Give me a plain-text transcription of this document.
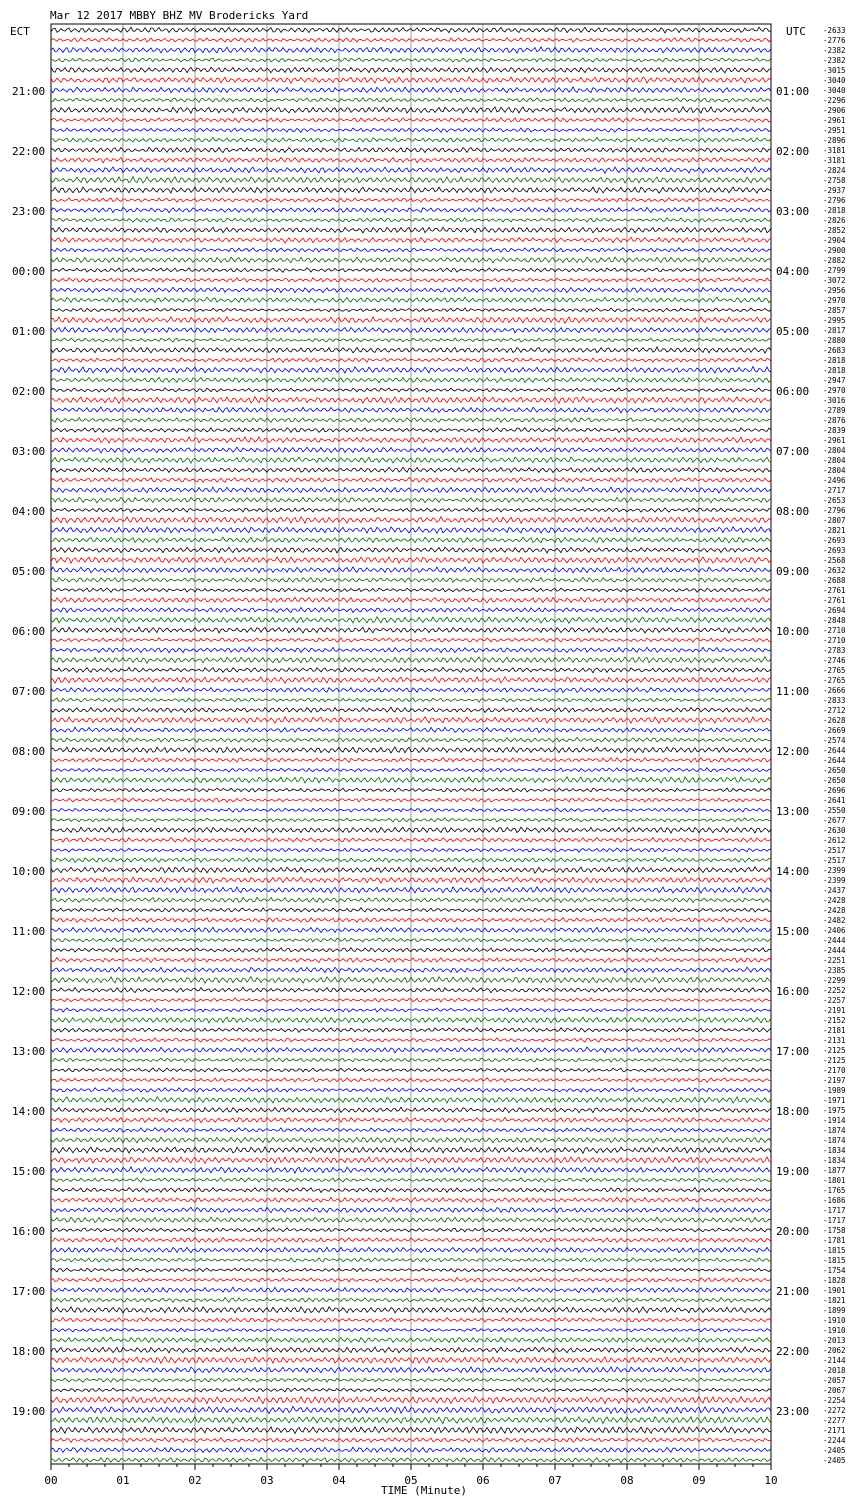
Mar 12 2017 MBBY BHZ MV Brodericks Yard
ECT	UTC -2633
-2776
-2382
-2382
-3015
-3040
-3040
-2296
-2906
-2961
-2951
-2896
-3181
-3181
-2824
-2758
-2937
-2796
-2818
-2826
-2852
-2904
-2900
-2882
-2799
-3072
-2956
-2970
-2857
-2995
-2817
-2880
-2683
-2818
-2818
-2947
-2970
-3016
-2789
-2876
-2839
-2961
-2804
-2804
-2804
-2496
-2717
-2653
-2796
-2807
-2821
-2693
-2693
-2568
-2632
-2688
-2761
-2761
-2694
-2848
-2710
-2710
-2783
-2746
-2765
-2765
-2666
-2833
-2712
-2628
-2669
-2574
-2644
-2644
-2650
-2650
-2696
-2641
-2550
-2677
-2630
-2612
-2517
-2517
-2399
-2399
-2437
-2428
-2428
-2482
-2406
-2444
-2444
-2251
-2385
-2299
-2252
-2257
-2191
-2152
-2181
-2131
-2125
-2125
-2170
-2197
-1989
-1971
-1975
-1914
-1874
-1874
-1834
-1834
-1877
-1801
-1765
-1686
-1717
-1717
-1758
-1781
-1815
-1815
-1754
-1828
-1901
-1821
-1899
-1910
-1910
-2013
-2062
-2144
-2018
-2057
-2067
-2254
-2272
-2277
-2171
-2244
-2405
-2405
21:00	01:00
22:00	02:00
23:00	03:00
00:00	04:00
01:00	05:00
02:00	06:00
03:00	07:00
04:00	08:00
05:00	09:00
06:00	10:00
07:00	11:00
08:00	12:00
09:00	13:00
10:00	14:00
11:00	15:00
12:00	16:00
13:00	17:00
14:00	18:00
15:00	19:00
16:00	20:00
17:00	21:00
18:00	22:00
19:00	23:00
00	01	02	03	04	05	06	07	08	09	10
TIME (Minute)
